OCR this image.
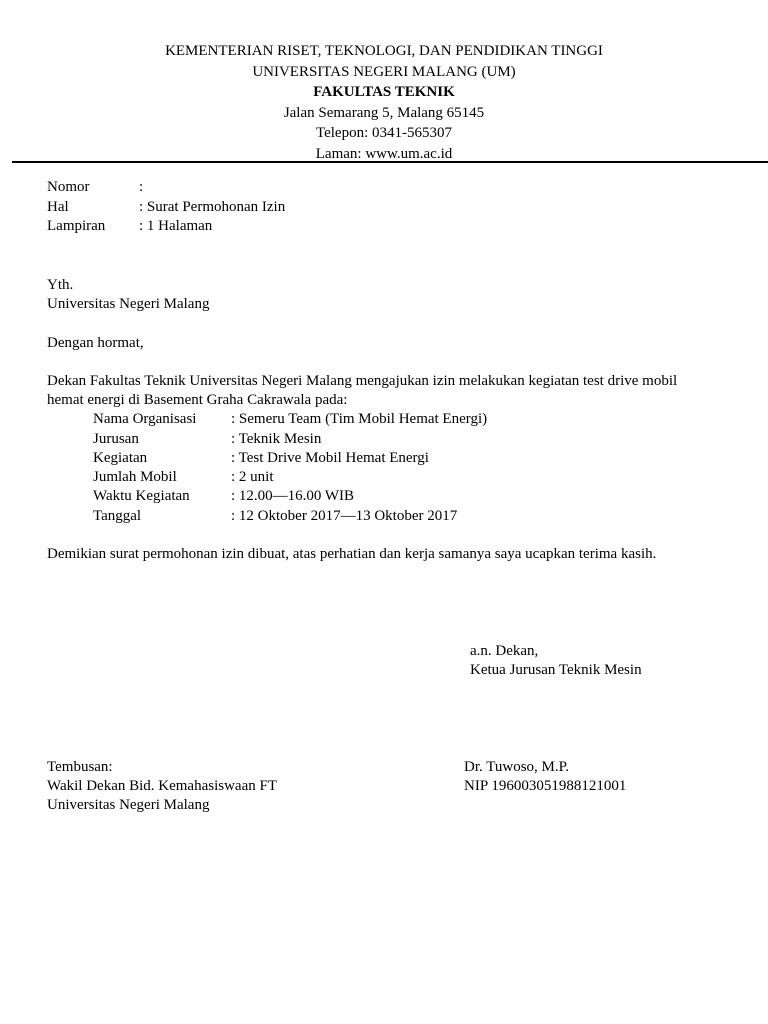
KEMENTERIAN RISET, TEKNOLOGI, DAN PENDIDIKAN TINGGI
UNIVERSITAS NEGERI MALANG (UM)
FAKULTAS TEKNIK
Jalan Semarang 5, Malang 65145
Telepon: 0341-565307
Laman: www.um.ac.id
Nomor	:
Hal	: Surat Permohonan Izin
Lampiran : 1 Halaman
Yth.
Universitas Negeri Malang
Dengan hormat,
Dekan Fakultas Teknik Universitas Negeri Malang mengajukan izin melakukan kegiatan test drive mobil
hemat energi di Basement Graha Cakrawala pada:
Nama Organisasi : Semeru Team (Tim Mobil Hemat Energi)
Jurusan	: Teknik Mesin
Kegiatan	: Test Drive Mobil Hemat Energi
Jumlah Mobil	: 2 unit
Waktu Kegiatan	: 12.00—16.00 WIB
Tanggal	: 12 Oktober 2017—13 Oktober 2017
Demikian surat permohonan izin dibuat, atas perhatian dan kerja samanya saya ucapkan terima kasih.
a.n. Dekan,
Ketua Jurusan Teknik Mesin
Dr. Tuwoso, M.P.
NIP 196003051988121001
Tembusan:
Wakil Dekan Bid. Kemahasiswaan FT
Universitas Negeri Malang
